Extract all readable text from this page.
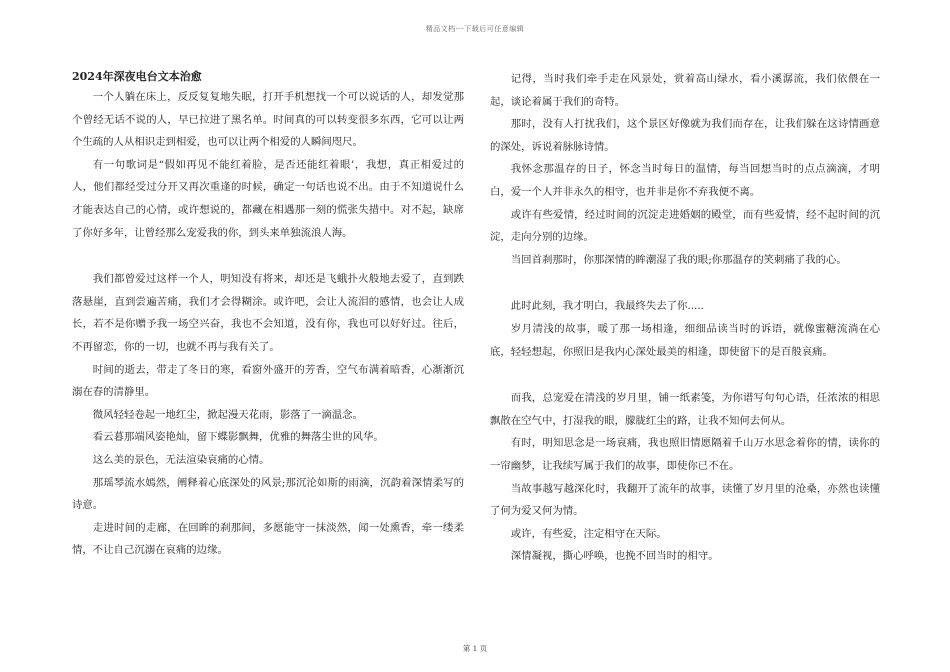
精品文档---下载后可任意编辑
2024年深夜电台文本治愈

一个人躺在床上，反反复复地失眠，打开手机想找一个可以说话的人，却发觉那个曾经无话不说的人，早已拉进了黑名单。时间真的可以转变很多东西，它可以让两个生疏的人从相识走到相爱，也可以让两个相爱的人瞬间咫尺。

有一句歌词是“假如再见不能红着脸，是否还能红着眼’，我想，真正相爱过的人，他们都经受过分开又再次重逢的时候，确定一句话也说不出。由于不知道说什么才能表达自己的心情，或许想说的，都藏在相遇那一刻的慌张失措中。对不起，缺席了你好多年，让曾经那么宠爱我的你，到头来单独流浪人海。

我们都曾爱过这样一个人，明知没有将来，却还是飞蛾扑火般地去爱了，直到跌落悬崖，直到尝遍苦痛，我们才会得糊涂。或许吧，会让人流泪的感情，也会让人成长，若不是你赠予我一场空兴奋，我也不会知道，没有你，我也可以好好过。往后，不再留恋，你的一切，也就不再与我有关了。

时间的逝去，带走了冬日的寒，看窗外盛开的芳香，空气布满着暗香，心渐渐沉溺在春的清静里。

微风轻轻卷起一地红尘，掀起漫天花雨，影落了一滴温念。

看云暮那端风姿艳灿，留下蝶影飘舞，优雅的舞落尘世的风华。

这么美的景色，无法渲染哀痛的心情。

那瑶琴流水嫣然，阐释着心底深处的风景;那沉沦如斯的雨滴，沉韵着深情柔写的诗意。

走进时间的走廊，在回眸的刹那间，多愿能守一抹淡然，闻一处熏香，牵一缕柔情，不让自己沉溺在哀痛的边缘。

记得，当时我们牵手走在风景处，赏着高山绿水，看小溪潺流，我们依偎在一起，谈论着属于我们的奇特。

那时，没有人打扰我们，这个景区好像就为我们而存在，让我们躲在这诗情画意的深处，诉说着脉脉诗情。

我怀念那温存的日子，怀念当时每日的温情，每当回想当时的点点滴滴，才明白，爱一个人并非永久的相守，也并非是你不弃我便不离。

或许有些爱情，经过时间的沉淀走进婚姻的殿堂，而有些爱情，经不起时间的沉淀，走向分别的边缘。

当回首刹那时，你那深情的眸潮湿了我的眼;你那温存的笑刺痛了我的心。

此时此刻，我才明白，我最终失去了你.....

岁月清浅的故事，暖了那一场相逢，细细品读当时的诉语，就像蜜糖流淌在心底，轻轻想起，你照旧是我内心深处最美的相逢，即使留下的是百般哀痛。

而我，总宠爱在清浅的岁月里，铺一纸素笺，为你谱写句句心语，任浓浓的相思飘散在空气中，打湿我的眼，朦胧红尘的路，让我不知何去何从。

有时，明知思念是一场哀痛，我也照旧情愿隔着千山万水思念着你的情，读你的一帘幽梦，让我续写属于我们的故事，即使你已不在。

当故事越写越深化时，我翻开了流年的故事，读懂了岁月里的沧桑，亦然也读懂了何为爱又何为情。

或许，有些爱，注定相守在天际。

深情凝视，撕心呼唤，也挽不回当时的相守。

第 1 页
